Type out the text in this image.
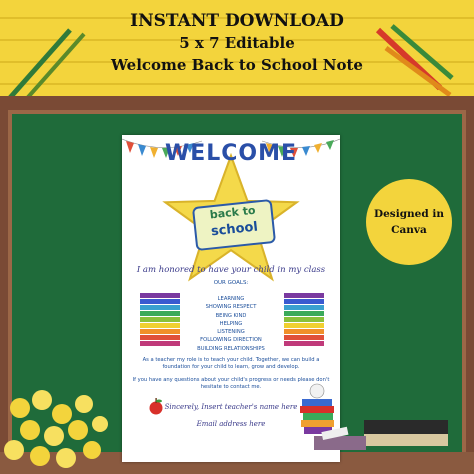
INSTANT DOWNLOAD
5 x 7 Editable
Welcome Back to School Note
WELCOME
back to
school
I am honored to have your child in my class
OUR GOALS:
LEARNING
SHOWING RESPECT
BEING KIND
HELPING
LISTENING
FOLLOWING DIRECTION
BUILDING RELATIONSHIPS
As a teacher my role is to teach your child. Together, we can build a foundation for your child to learn, grow and develop.
If you have any questions about your child's progress or needs please don't hesitate to contact me.
Sincerely, Insert teacher's name here
Email address here
Designed in
Canva
